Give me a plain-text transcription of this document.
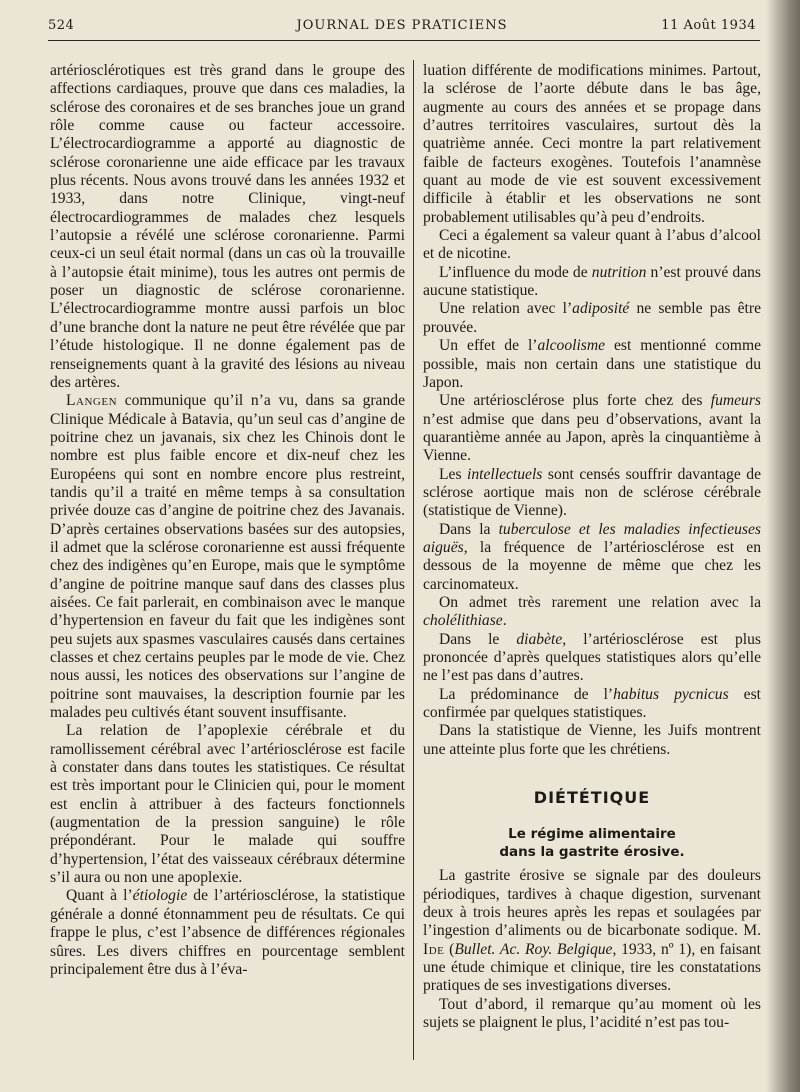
524	JOURNAL DES PRATICIENS	11 Août 1934

artériosclérotiques est très grand dans le groupe des affections cardiaques, prouve que dans ces maladies, la sclérose des coronaires et de ses branches joue un grand rôle comme cause ou facteur accessoire. L’électrocardiogramme a apporté au diagnostic de sclérose coronarienne une aide efficace par les travaux plus récents. Nous avons trouvé dans les années 1932 et 1933, dans notre Clinique, vingt-neuf électrocardiogrammes de malades chez lesquels l’autopsie a révélé une sclérose coronarienne. Parmi ceux-ci un seul était normal (dans un cas où la trouvaille à l’autopsie était minime), tous les autres ont permis de poser un diagnostic de sclérose coronarienne. L’électrocardiogramme montre aussi parfois un bloc d’une branche dont la nature ne peut être révélée que par l’étude histologique. Il ne donne également pas de renseignements quant à la gravité des lésions au niveau des artères.

Langen communique qu’il n’a vu, dans sa grande Clinique Médicale à Batavia, qu’un seul cas d’angine de poitrine chez un javanais, six chez les Chinois dont le nombre est plus faible encore et dix-neuf chez les Européens qui sont en nombre encore plus restreint, tandis qu’il a traité en même temps à sa consultation privée douze cas d’angine de poitrine chez des Javanais. D’après certaines observations basées sur des autopsies, il admet que la sclérose coronarienne est aussi fréquente chez des indigènes qu’en Europe, mais que le symptôme d’angine de poitrine manque sauf dans des classes plus aisées. Ce fait parlerait, en combinaison avec le manque d’hypertension en faveur du fait que les indigènes sont peu sujets aux spasmes vasculaires causés dans certaines classes et chez certains peuples par le mode de vie. Chez nous aussi, les notices des observations sur l’angine de poitrine sont mauvaises, la description fournie par les malades peu cultivés étant souvent insuffisante.

La relation de l’apoplexie cérébrale et du ramollissement cérébral avec l’artériosclérose est facile à constater dans dans toutes les statistiques. Ce résultat est très important pour le Clinicien qui, pour le moment est enclin à attribuer à des facteurs fonctionnels (augmentation de la pression sanguine) le rôle prépondérant. Pour le malade qui souffre d’hypertension, l’état des vaisseaux cérébraux détermine s’il aura ou non une apoplexie.

Quant à l’étiologie de l’artériosclérose, la statistique générale a donné étonnamment peu de résultats. Ce qui frappe le plus, c’est l’absence de différences régionales sûres. Les divers chiffres en pourcentage semblent principalement être dus à l’éva-

luation différente de modifications minimes. Partout, la sclérose de l’aorte débute dans le bas âge, augmente au cours des années et se propage dans d’autres territoires vasculaires, surtout dès la quatrième année. Ceci montre la part relativement faible de facteurs exogènes. Toutefois l’anamnèse quant au mode de vie est souvent excessivement difficile à établir et les observations ne sont probablement utilisables qu’à peu d’endroits.

Ceci a également sa valeur quant à l’abus d’alcool et de nicotine.

L’influence du mode de nutrition n’est prouvé dans aucune statistique.

Une relation avec l’adiposité ne semble pas être prouvée.

Un effet de l’alcoolisme est mentionné comme possible, mais non certain dans une statistique du Japon.

Une artériosclérose plus forte chez des fumeurs n’est admise que dans peu d’observations, avant la quarantième année au Japon, après la cinquantième à Vienne.

Les intellectuels sont censés souffrir davantage de sclérose aortique mais non de sclérose cérébrale (statistique de Vienne).

Dans la tuberculose et les maladies infectieuses aiguës, la fréquence de l’artériosclérose est en dessous de la moyenne de même que chez les carcinomateux.

On admet très rarement une relation avec la cholélithiase.

Dans le diabète, l’artériosclérose est plus prononcée d’après quelques statistiques alors qu’elle ne l’est pas dans d’autres.

La prédominance de l’habitus pycnicus est confirmée par quelques statistiques.

Dans la statistique de Vienne, les Juifs montrent une atteinte plus forte que les chrétiens.

DIÉTÉTIQUE
Le régime alimentaire
dans la gastrite érosive.

La gastrite érosive se signale par des douleurs périodiques, tardives à chaque digestion, survenant deux à trois heures après les repas et soulagées par l’ingestion d’aliments ou de bicarbonate sodique. M. Ide (Bullet. Ac. Roy. Belgique, 1933, nº 1), en faisant une étude chimique et clinique, tire les constatations pratiques de ses investigations diverses.

Tout d’abord, il remarque qu’au moment où les sujets se plaignent le plus, l’acidité n’est pas tou-
